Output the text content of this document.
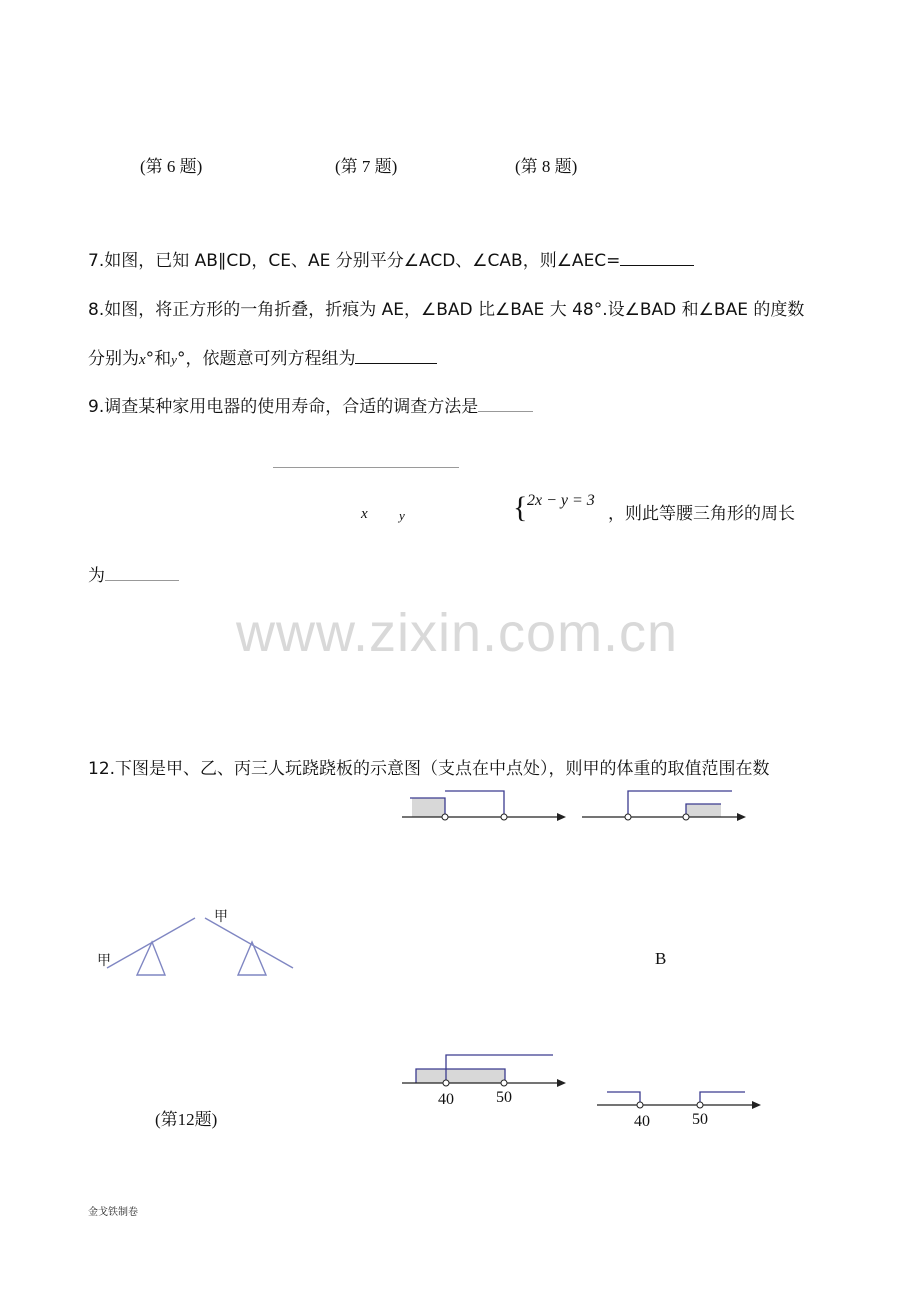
(第 6 题)	(第 7 题)	(第 8 题)
7.如图，已知 AB∥CD，CE、AE 分别平分∠ACD、∠CAB，则∠AEC=
8.如图，将正方形的一角折叠，折痕为 AE，∠BAD 比∠BAE 大 48°.设∠BAD 和∠BAE 的度数
分别为x°和y°，依题意可列方程组为
9.调查某种家用电器的使用寿命，合适的调查方法是
x y	{ 2x − y = 3
，则此等腰三角形的周长
为
www.zixin.com.cn
12.下图是甲、乙、丙三人玩跷跷板的示意图（支点在中点处），则甲的体重的取值范围在数
甲
甲	B
40	50
40	50
(第12题)
金戈铁制卷
